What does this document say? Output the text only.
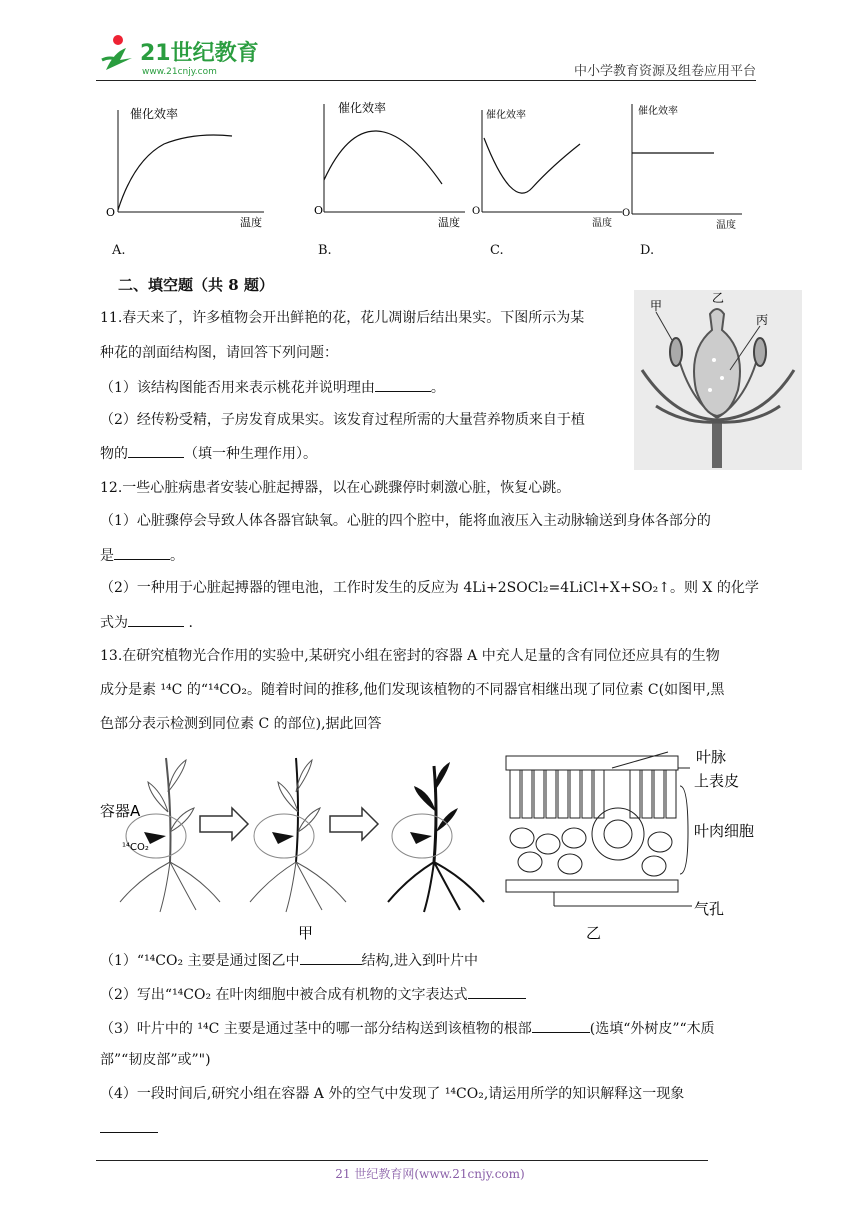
21世纪教育
www.21cnjy.com	中小学教育资源及组卷应用平台
催化效率
O
温度
催化效率
O
温度
催化效率
O
温度
催化效率
O
温度
A.	B.	C.	D.
二、填空题（共 8 题）
11.春天来了，许多植物会开出鲜艳的花，花儿凋谢后结出果实。下图所示为某
种花的剖面结构图，请回答下列问题：
（1）该结构图能否用来表示桃花并说明理由	。
（2）经传粉受精，子房发育成果实。该发育过程所需的大量营养物质来自于植
物的	（填一种生理作用）。
甲
乙
丙
12.一些心脏病患者安装心脏起搏器，以在心跳骤停时刺激心脏，恢复心跳。
（1）心脏骤停会导致人体各器官缺氧。心脏的四个腔中，能将血液压入主动脉输送到身体各部分的
是	。
（2）一种用于心脏起搏器的锂电池，工作时发生的反应为 4Li+2SOCl₂=4LiCl+X+SO₂↑。则 X 的化学
式为	.
13.在研究植物光合作用的实验中,某研究小组在密封的容器 A 中充人足量的含有同位还应具有的生物
成分是素 ¹⁴C 的“¹⁴CO₂。随着时间的推移,他们发现该植物的不同器官相继出现了同位素 C(如图甲,黑
色部分表示检测到同位素 C 的部位),据此回答
容器A
¹⁴CO₂
甲
叶脉
上表皮
叶肉细胞
气孔
乙
（1）“¹⁴CO₂ 主要是通过图乙中	结构,进入到叶片中
（2）写出“¹⁴CO₂ 在叶肉细胞中被合成有机物的文字表达式
（3）叶片中的 ¹⁴C 主要是通过茎中的哪一部分结构送到该植物的根部	(选填“外树皮”“木质
部”“韧皮部”或”")
（4）一段时间后,研究小组在容器 A 外的空气中发现了 ¹⁴CO₂,请运用所学的知识解释这一现象
21 世纪教育网(www.21cnjy.com)
